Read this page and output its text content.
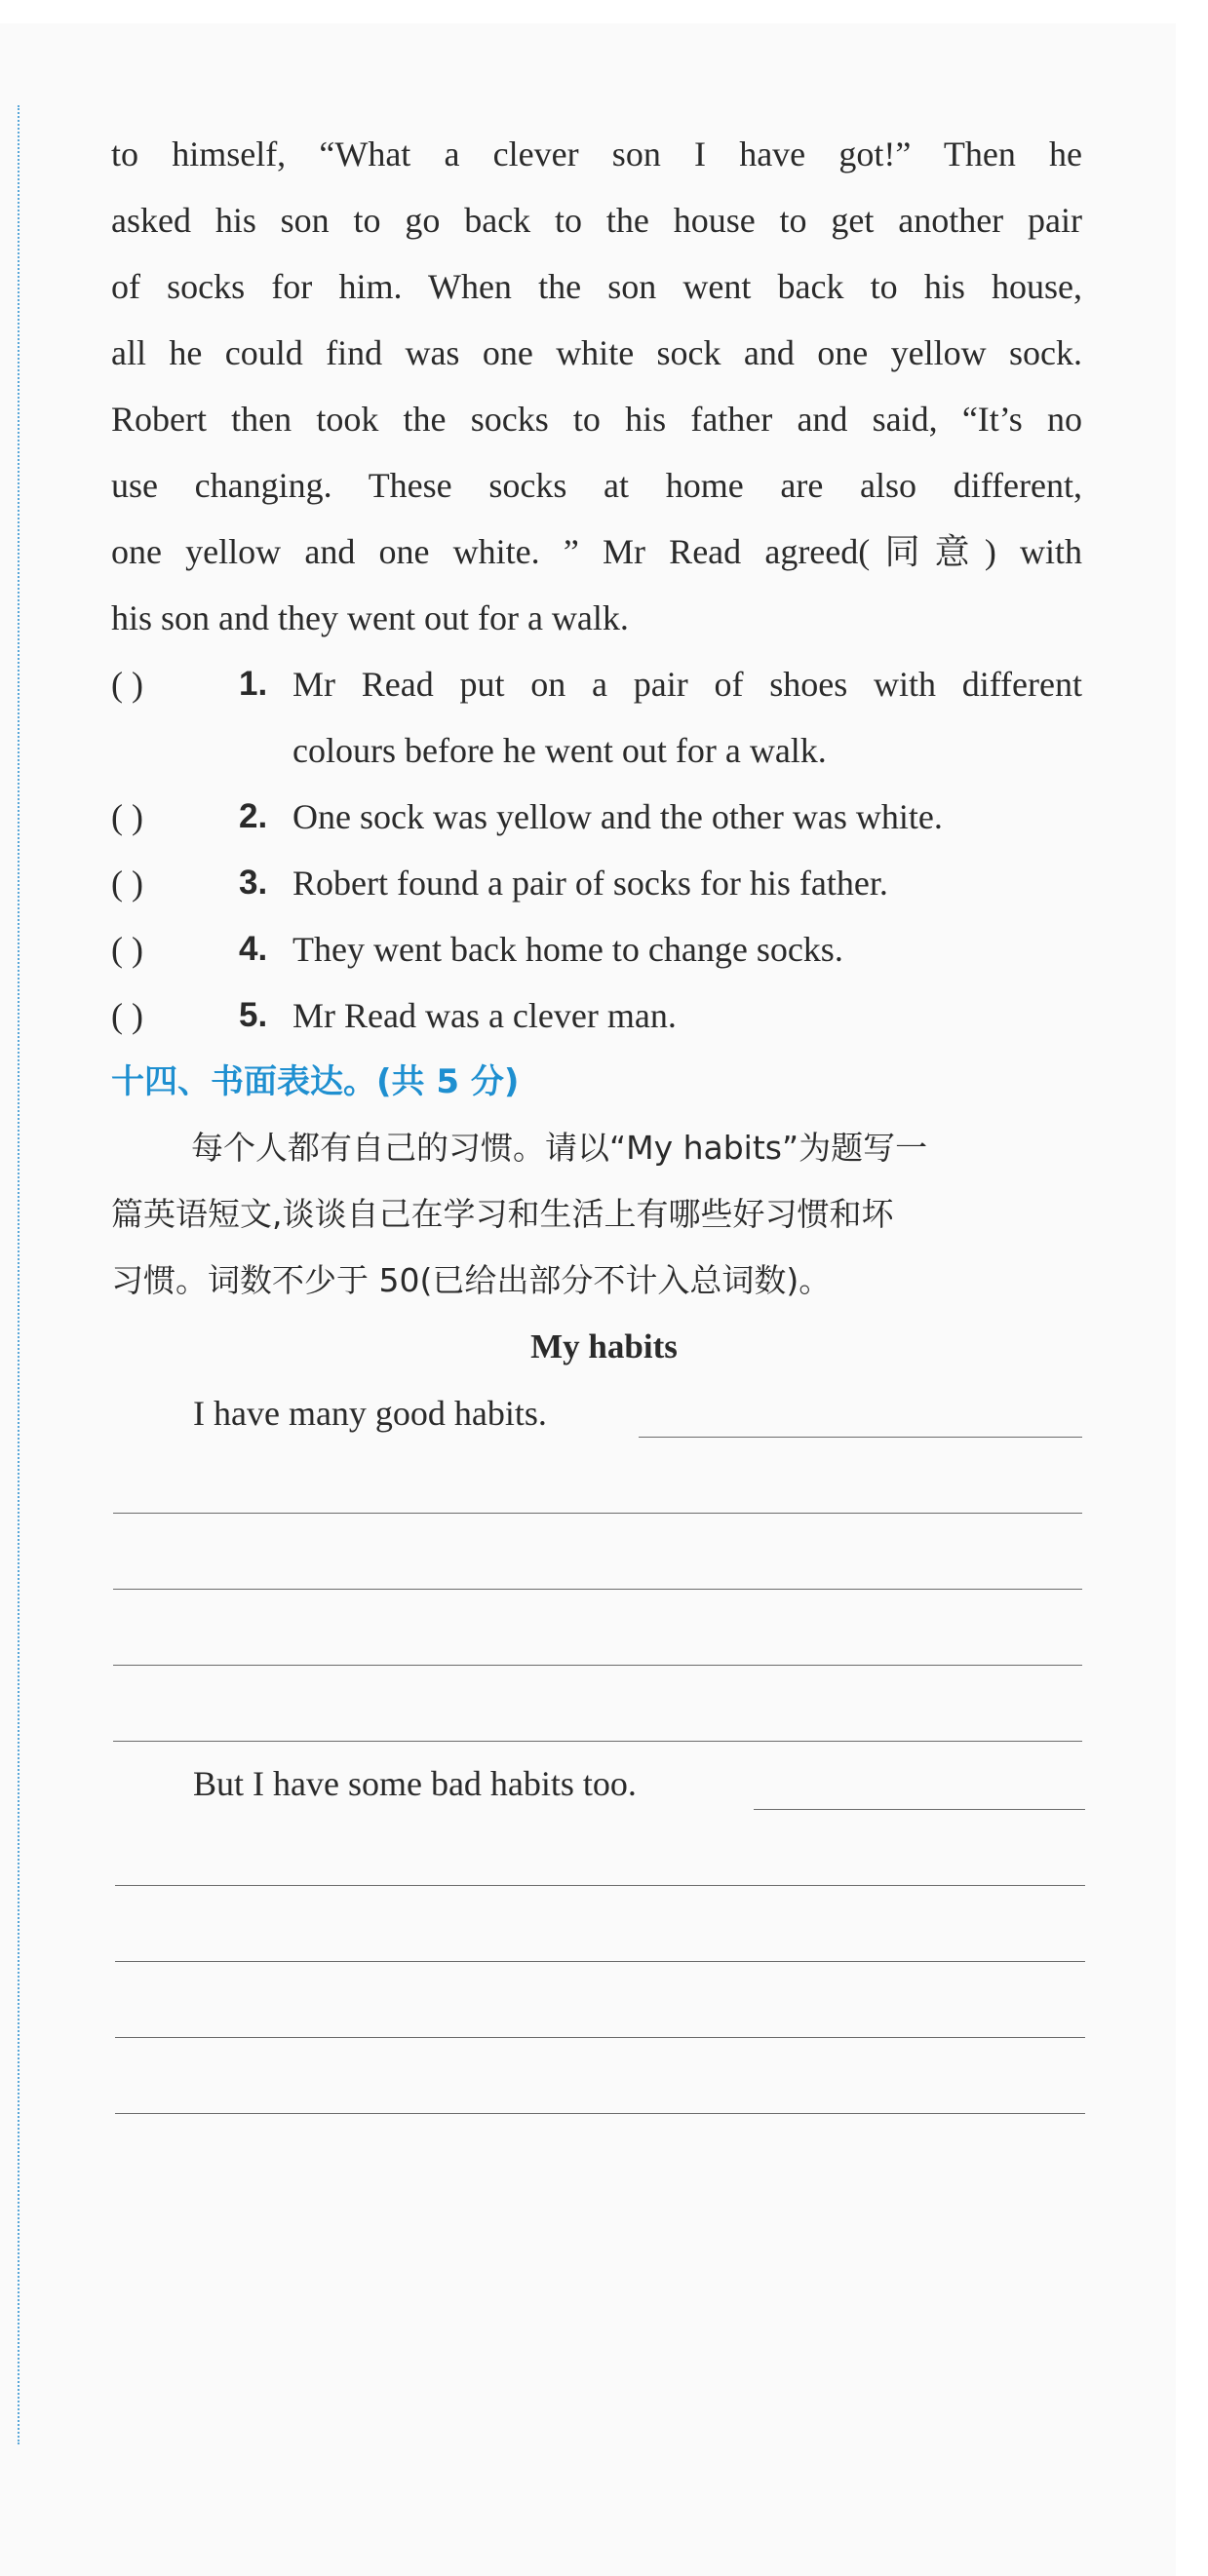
to himself, “What a clever son I have got!” Then he
asked his son to go back to the house to get another pair
of socks for him. When the son went back to his house,
all he could find was one white sock and one yellow sock.
Robert then took the socks to his father and said, “It’s no
use changing. These socks at home are also different,
one yellow and one white. ” Mr Read agreed(同意) with
his son and they went out for a walk.
( )	1. Mr Read put on a pair of shoes with different
colours before he went out for a walk.
( )	2. One sock was yellow and the other was white.
( )	3. Robert found a pair of socks for his father.
( )	4. They went back home to change socks.
( )	5. Mr Read was a clever man.
十四、书面表达。(共 5 分)
每个人都有自己的习惯。请以“My habits”为题写一
篇英语短文,谈谈自己在学习和生活上有哪些好习惯和坏
习惯。词数不少于 50(已给出部分不计入总词数)。
My habits
I have many good habits.
But I have some bad habits too.
